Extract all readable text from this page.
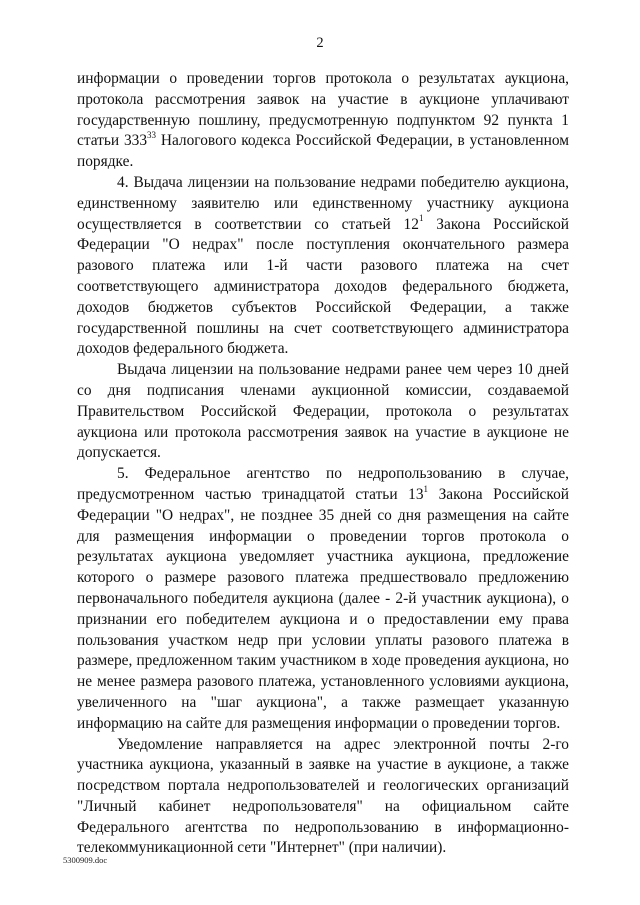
2

информации о проведении торгов протокола о результатах аукциона, протокола рассмотрения заявок на участие в аукционе уплачивают государственную пошлину, предусмотренную подпунктом 92 пункта 1 статьи $333^{33}$ Налогового кодекса Российской Федерации, в установленном порядке.

4. Выдача лицензии на пользование недрами победителю аукциона, единственному заявителю или единственному участнику аукциона осуществляется в соответствии со статьей $12^1$ Закона Российской Федерации "О недрах" после поступления окончательного размера разового платежа или 1-й части разового платежа на счет соответствующего администратора доходов федерального бюджета, доходов бюджетов субъектов Российской Федерации, а также государственной пошлины на счет соответствующего администратора доходов федерального бюджета.

Выдача лицензии на пользование недрами ранее чем через 10 дней со дня подписания членами аукционной комиссии, создаваемой Правительством Российской Федерации, протокола о результатах аукциона или протокола рассмотрения заявок на участие в аукционе не допускается.

5. Федеральное агентство по недропользованию в случае, предусмотренном частью тринадцатой статьи $13^1$ Закона Российской Федерации "О недрах", не позднее 35 дней со дня размещения на сайте для размещения информации о проведении торгов протокола о результатах аукциона уведомляет участника аукциона, предложение которого о размере разового платежа предшествовало предложению первоначального победителя аукциона (далее - 2-й участник аукциона), о признании его победителем аукциона и о предоставлении ему права пользования участком недр при условии уплаты разового платежа в размере, предложенном таким участником в ходе проведения аукциона, но не менее размера разового платежа, установленного условиями аукциона, увеличенного на "шаг аукциона", а также размещает указанную информацию на сайте для размещения информации о проведении торгов.

Уведомление направляется на адрес электронной почты 2-го участника аукциона, указанный в заявке на участие в аукционе, а также посредством портала недропользователей и геологических организаций "Личный кабинет недропользователя" на официальном сайте Федерального агентства по недропользованию в информационно-телекоммуникационной сети "Интернет" (при наличии).

5300909.doc
